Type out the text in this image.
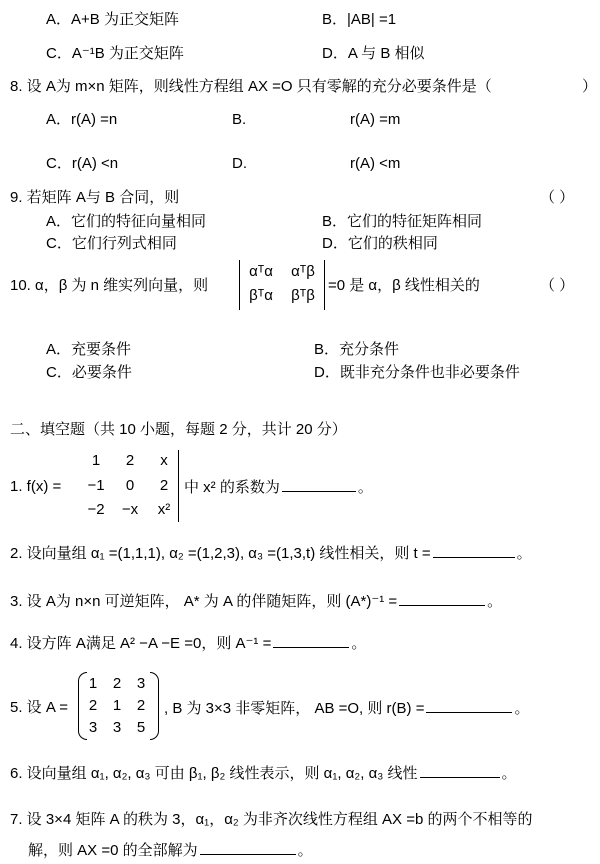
A．A+B 为正交矩阵	B．|AB| =1
C．A⁻¹B 为正交矩阵	D．A 与 B 相似
8. 设 A为 m×n 矩阵，则线性方程组 AX =O 只有零解的充分必要条件是（	）
A．r(A) =n	B.	r(A) =m
C．r(A) <n	D.	r(A) <m
9. 若矩阵 A与 B 合同，则	（ ）
A．它们的特征向量相同	B．它们的特征矩阵相同
C．它们行列式相同	D．它们的秩相同
10. α，β 为 n 维实列向量，则
αᵀα	αᵀβ
βᵀα	βᵀβ
=0 是 α，β 线性相关的	（ ）
A．充要条件	B．充分条件
C．必要条件	D．既非充分条件也非必要条件
二、填空题（共 10 小题，每题 2 分，共计 20 分）
1. f(x) =
1	2	x
−1	0	2
−2	−x	x²
中 x² 的系数为	。
2. 设向量组 α₁ =(1,1,1), α₂ =(1,2,3), α₃ =(1,3,t) 线性相关，则 t =	。
3. 设 A为 n×n 可逆矩阵， A* 为 A 的伴随矩阵，则 (A*)⁻¹ =	。
4. 设方阵 A满足 A² −A −E =0，则 A⁻¹ =	。
5. 设 A =
1	2	3
2	1	2
3	3	5
, B 为 3×3 非零矩阵， AB =O, 则 r(B) =	。
6. 设向量组 α₁, α₂, α₃ 可由 β₁, β₂ 线性表示，则 α₁, α₂, α₃ 线性	。
7. 设 3×4 矩阵 A 的秩为 3，α₁，α₂ 为非齐次线性方程组 AX =b 的两个不相等的
解，则 AX =0 的全部解为	。
